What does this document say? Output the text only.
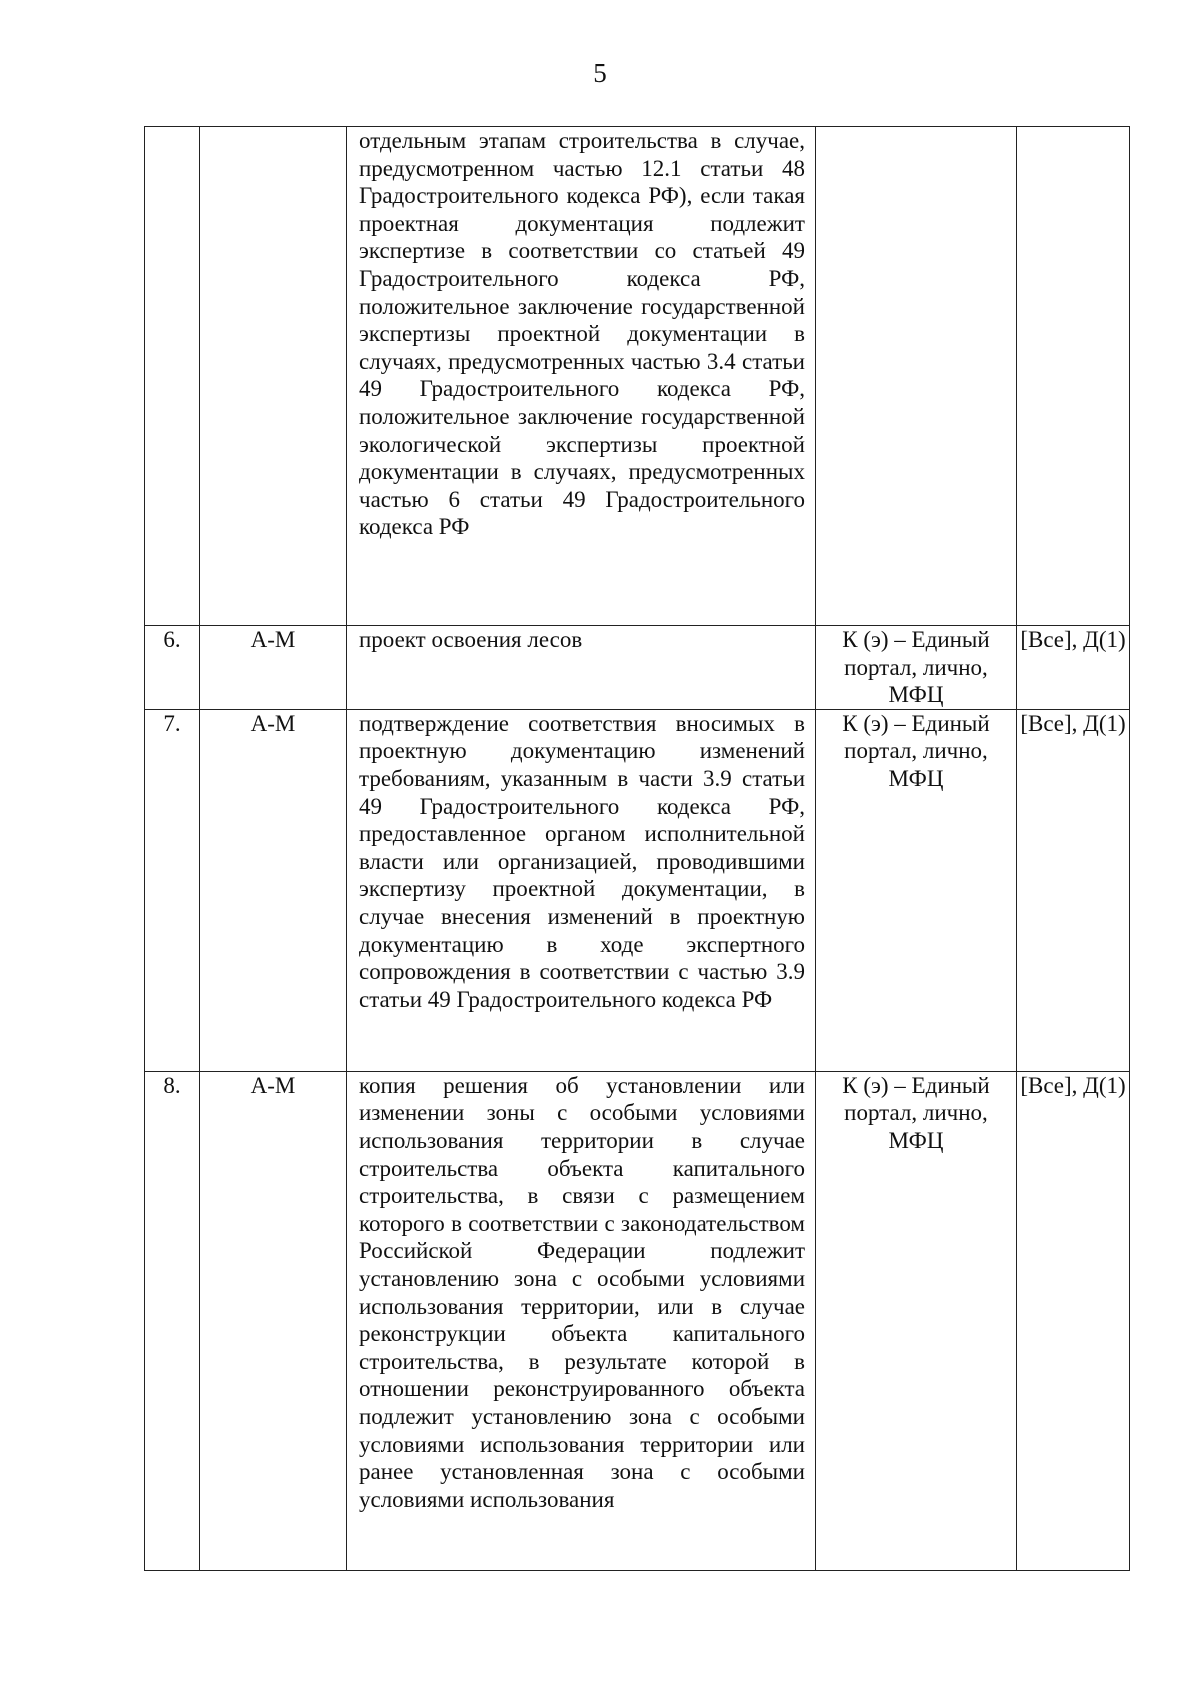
5

		отдельным этапам строительства в случае, предусмотренном частью 12.1 статьи 48 Градостроительного кодекса РФ), если такая проектная документация подлежит экспертизе в соответствии со статьей 49 Градостроительного кодекса РФ, положительное заключение государственной экспертизы проектной документации в случаях, предусмотренных частью 3.4 статьи 49 Градостроительного кодекса РФ, положительное заключение государственной экологической экспертизы проектной документации в случаях, предусмотренных частью 6 статьи 49 Градостроительного кодекса РФ		

6.	А-М	проект освоения лесов	К (э) – Единый портал, лично, МФЦ	[Все], Д(1)
7.	А-М	подтверждение соответствия вносимых в проектную документацию изменений требованиям, указанным в части 3.9 статьи 49 Градостроительного кодекса РФ, предоставленное органом исполнительной власти или организацией, проводившими экспертизу проектной документации, в случае внесения изменений в проектную документацию в ходе экспертного сопровождения в соответствии с частью 3.9 статьи 49 Градостроительного кодекса РФ	К (э) – Единый портал, лично, МФЦ	[Все], Д(1)
8.	А-М	копия решения об установлении или изменении зоны с особыми условиями использования территории в случае строительства объекта капитального строительства, в связи с размещением которого в соответствии с законодательством Российской Федерации подлежит установлению зона с особыми условиями использования территории, или в случае реконструкции объекта капитального строительства, в результате которой в отношении реконструированного объекта подлежит установлению зона с особыми условиями использования территории или ранее установленная зона с особыми условиями использования	К (э) – Единый портал, лично, МФЦ	[Все], Д(1)
